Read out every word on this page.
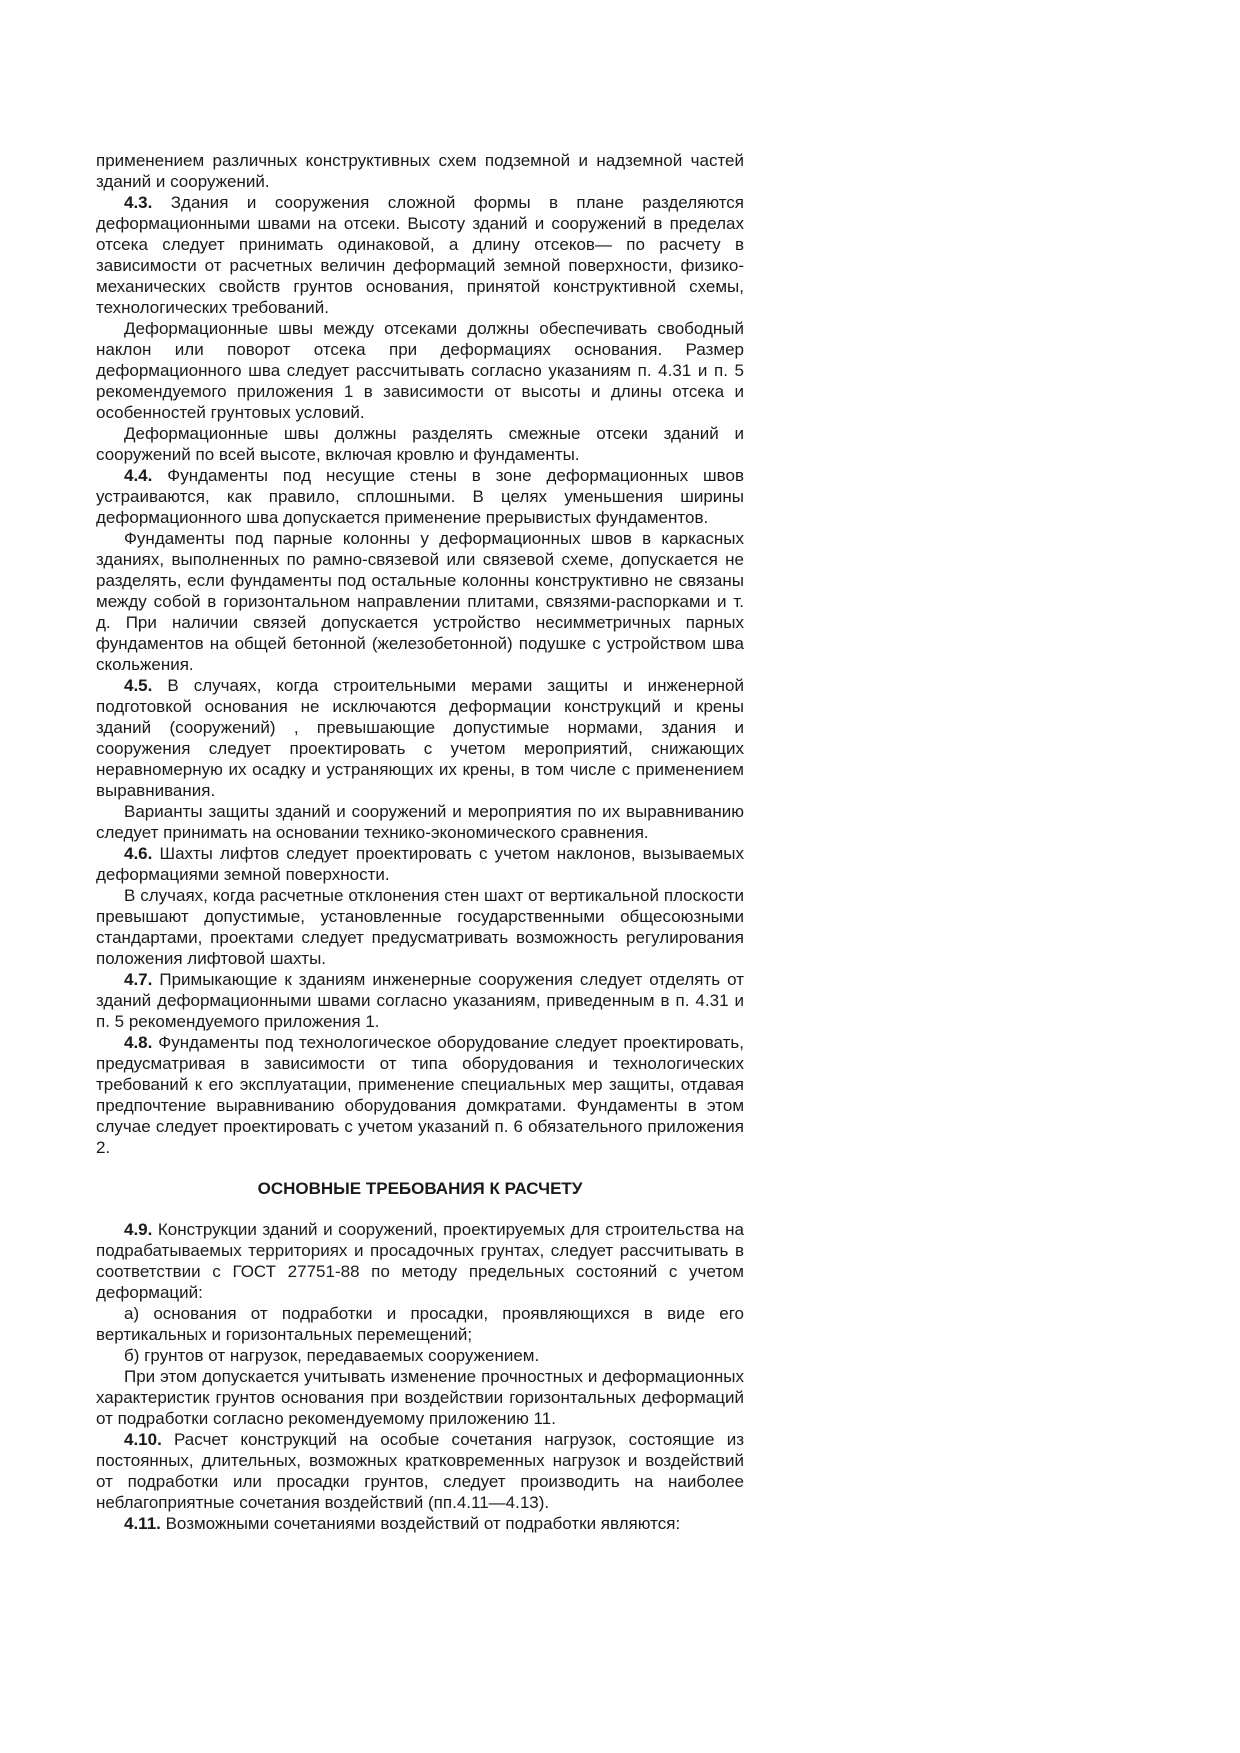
применением различных конструктивных схем подземной и надземной частей зданий и сооружений.

4.3. Здания и сооружения сложной формы в плане разделяются деформационными швами на отсеки. Высоту зданий и сооружений в пределах отсека следует принимать одинаковой, а длину отсеков— по расчету в зависимости от расчетных величин деформаций земной поверхности, физико-механических свойств грунтов основания, принятой конструктивной схемы, технологических требований.

Деформационные швы между отсеками должны обеспечивать свободный наклон или поворот отсека при деформациях основания. Размер деформационного шва следует рассчитывать согласно указаниям п. 4.31 и п. 5 рекомендуемого приложения 1 в зависимости от высоты и длины отсека и особенностей грунтовых условий.

Деформационные швы должны разделять смежные отсеки зданий и сооружений по всей высоте, включая кровлю и фундаменты.

4.4. Фундаменты под несущие стены в зоне деформационных швов устраиваются, как правило, сплошными. В целях уменьшения ширины деформационного шва допускается применение прерывистых фундаментов.

Фундаменты под парные колонны у деформационных швов в каркасных зданиях, выполненных по рамно-связевой или связевой схеме, допускается не разделять, если фундаменты под остальные колонны конструктивно не связаны между собой в горизонтальном направлении плитами, связями-распорками и т. д. При наличии связей допускается устройство несимметричных парных фундаментов на общей бетонной (железобетонной) подушке с устройством шва скольжения.

4.5. В случаях, когда строительными мерами защиты и инженерной подготовкой основания не исключаются деформации конструкций и крены зданий (сооружений) , превышающие допустимые нормами, здания и сооружения следует проектировать с учетом мероприятий, снижающих неравномерную их осадку и устраняющих их крены, в том числе с применением выравнивания.

Варианты защиты зданий и сооружений и мероприятия по их выравниванию следует принимать на основании технико-экономического сравнения.

4.6. Шахты лифтов следует проектировать с учетом наклонов, вызываемых деформациями земной поверхности.

В случаях, когда расчетные отклонения стен шахт от вертикальной плоскости превышают допустимые, установленные государственными общесоюзными стандартами, проектами следует предусматривать возможность регулирования положения лифтовой шахты.

4.7. Примыкающие к зданиям инженерные сооружения следует отделять от зданий деформационными швами согласно указаниям, приведенным в п. 4.31 и п. 5 рекомендуемого приложения 1.

4.8. Фундаменты под технологическое оборудование следует проектировать, предусматривая в зависимости от типа оборудования и технологических требований к его эксплуатации, применение специальных мер защиты, отдавая предпочтение выравниванию оборудования домкратами. Фундаменты в этом случае следует проектировать с учетом указаний п. 6 обязательного приложения 2.

ОСНОВНЫЕ ТРЕБОВАНИЯ К РАСЧЕТУ

4.9. Конструкции зданий и сооружений, проектируемых для строительства на подрабатываемых территориях и просадочных грунтах, следует рассчитывать в соответствии с ГОСТ 27751-88 по методу предельных состояний с учетом деформаций:

а) основания от подработки и просадки, проявляющихся в виде его вертикальных и горизонтальных перемещений;

б) грунтов от нагрузок, передаваемых сооружением.

При этом допускается учитывать изменение прочностных и деформационных характеристик грунтов основания при воздействии горизонтальных деформаций от подработки согласно рекомендуемому приложению 11.

4.10. Расчет конструкций на особые сочетания нагрузок, состоящие из постоянных, длительных, возможных кратковременных нагрузок и воздействий от подработки или просадки грунтов, следует производить на наиболее неблагоприятные сочетания воздействий (пп.4.11—4.13).

4.11. Возможными сочетаниями воздействий от подработки являются:
